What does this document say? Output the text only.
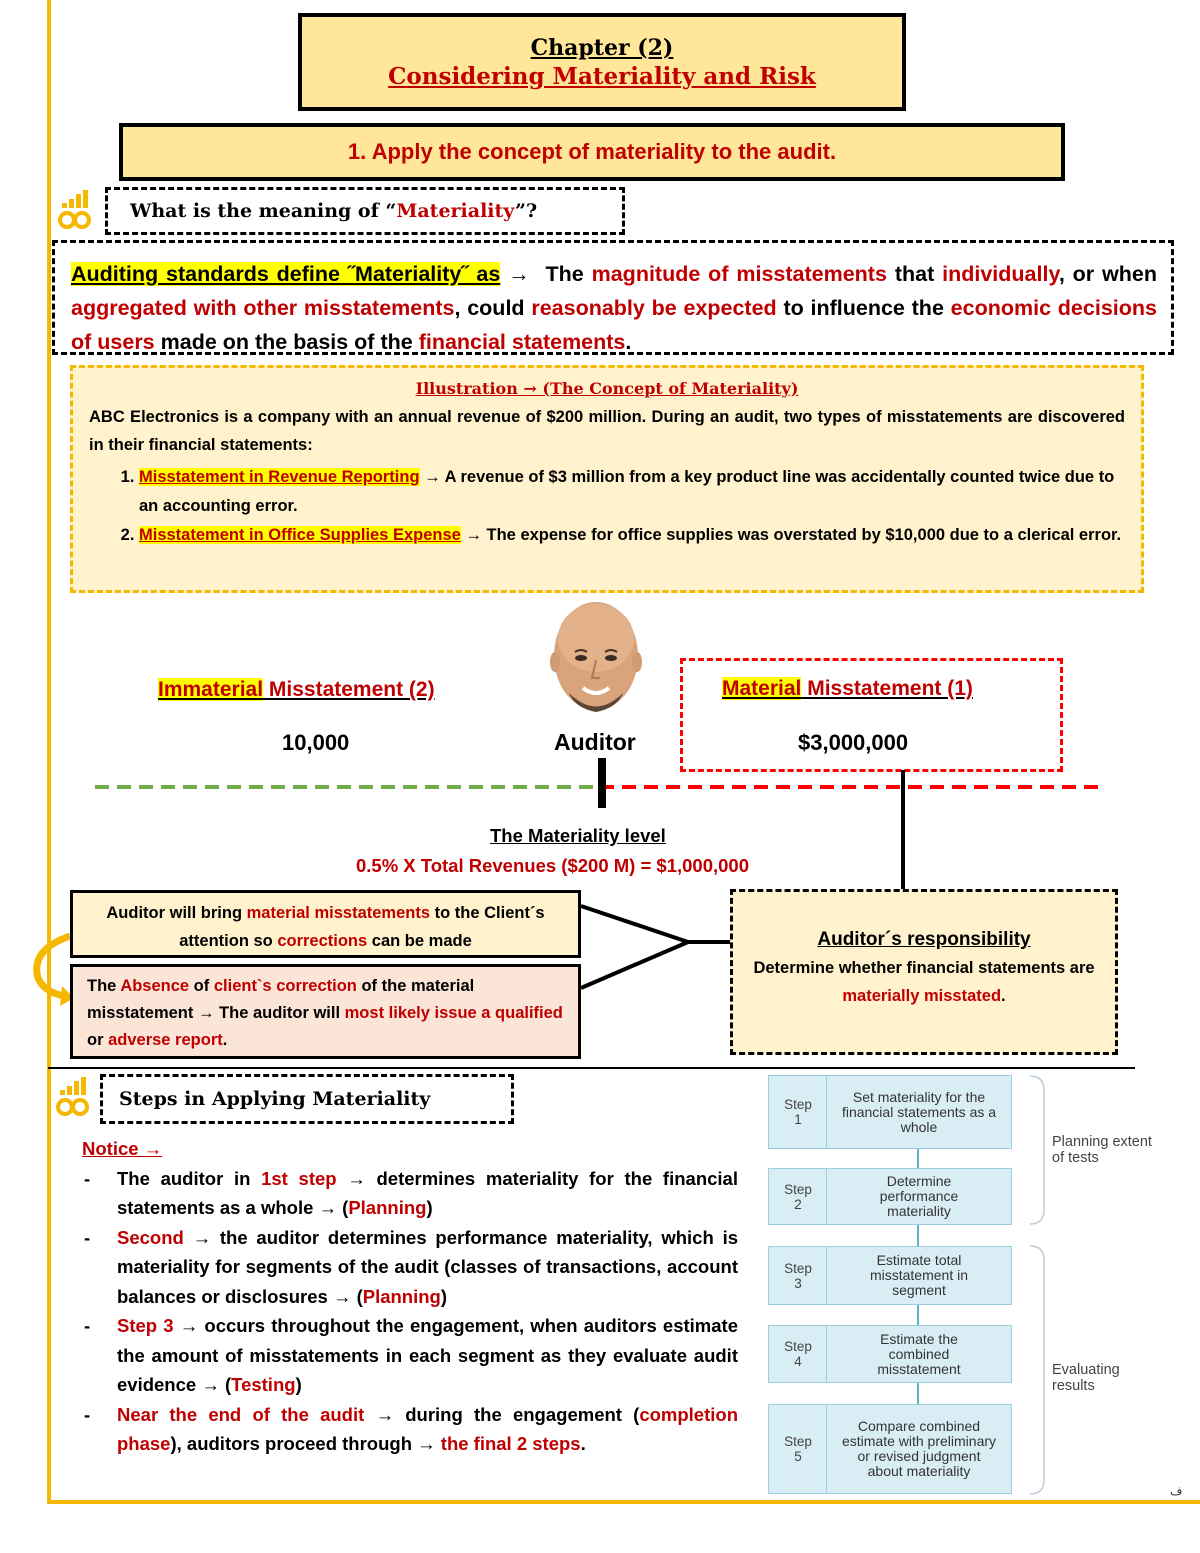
Chapter (2)
Considering Materiality and Risk
1. Apply the concept of materiality to the audit.
What is the meaning of “Materiality”?
Auditing standards define ˝Materiality˝ as → The magnitude of misstatements that individually, or when aggregated with other misstatements, could reasonably be expected to influence the economic decisions of users made on the basis of the financial statements.
Illustration → (The Concept of Materiality)
ABC Electronics is a company with an annual revenue of $200 million. During an audit, two types of misstatements are discovered in their financial statements:
1. Misstatement in Revenue Reporting → A revenue of $3 million from a key product line was accidentally counted twice due to an accounting error.
2. Misstatement in Office Supplies Expense → The expense for office supplies was overstated by $10,000 due to a clerical error.
Immaterial Misstatement (2)
10,000	Auditor
Material Misstatement (1)
$3,000,000
The Materiality level
0.5% X Total Revenues ($200 M) = $1,000,000
Auditor will bring material misstatements to the Client´s attention so corrections can be made
The Absence of client`s correction of the material misstatement → The auditor will most likely issue a qualified or adverse report.
Auditor´s responsibility
Determine whether financial statements are materially misstated.
Steps in Applying Materiality
Notice →
- The auditor in 1st step → determines materiality for the financial statements as a whole → (Planning)
- Second → the auditor determines performance materiality, which is materiality for segments of the audit (classes of transactions, account balances or disclosures → (Planning)
- Step 3 → occurs throughout the engagement, when auditors estimate the amount of misstatements in each segment as they evaluate audit evidence → (Testing)
- Near the end of the audit → during the engagement (completion phase), auditors proceed through → the final 2 steps.
Step
1
Set materiality for the financial statements as a whole
Step
2
Determine performance materiality
Step
3
Estimate total misstatement in segment
Step
4
Estimate the combined misstatement
Step
5
Compare combined estimate with preliminary or revised judgment about materiality
Planning extent of tests
Evaluating results
ف
